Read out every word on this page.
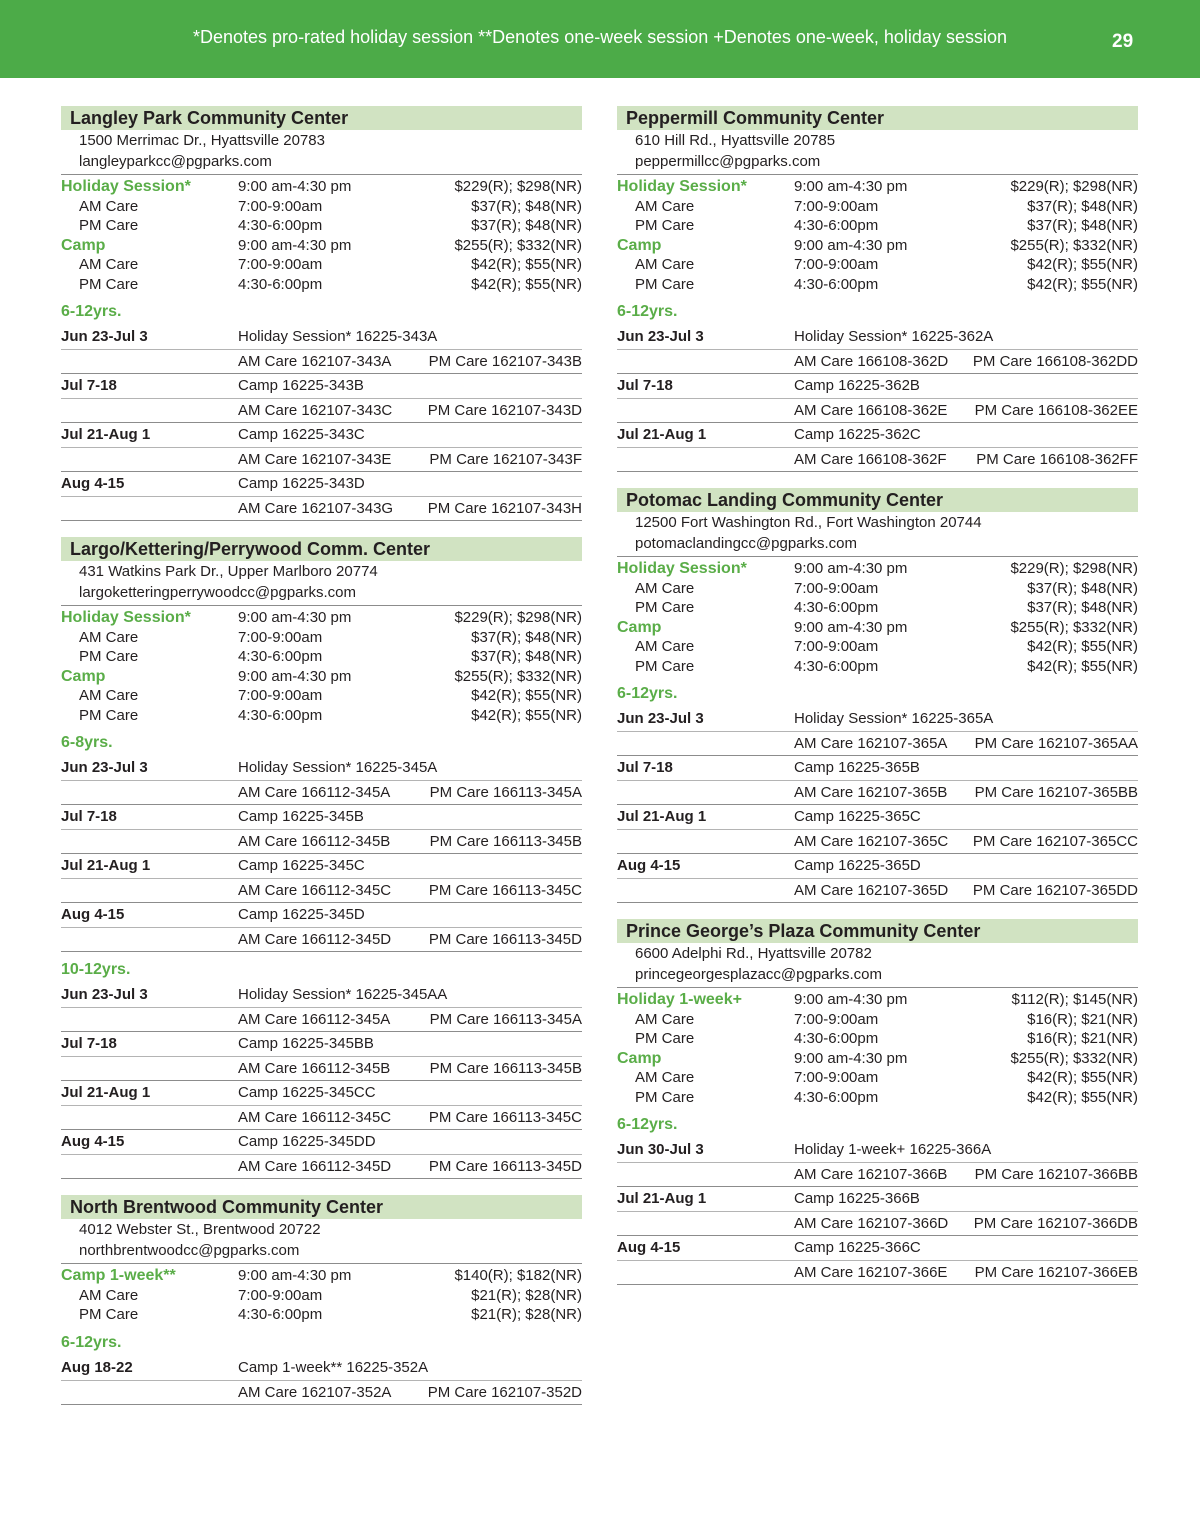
*Denotes pro-rated holiday session **Denotes one-week session +Denotes one-week, holiday session	29
Langley Park Community Center
1500 Merrimac Dr., Hyattsville 20783
langleyparkcc@pgparks.com
Holiday Session*	9:00 am-4:30 pm	$229(R); $298(NR)
AM Care	7:00-9:00am	$37(R); $48(NR)
PM Care	4:30-6:00pm	$37(R); $48(NR)
Camp	9:00 am-4:30 pm	$255(R); $332(NR)
AM Care	7:00-9:00am	$42(R); $55(NR)
PM Care	4:30-6:00pm	$42(R); $55(NR)
6-12yrs.
Jun 23-Jul 3	Holiday Session* 16225-343A
AM Care 162107-343A PM Care 162107-343B
Jul 7-18	Camp 16225-343B
AM Care 162107-343C PM Care 162107-343D
Jul 21-Aug 1	Camp 16225-343C
AM Care 162107-343E	PM Care 162107-343F
Aug 4-15	Camp 16225-343D
AM Care 162107-343G PM Care 162107-343H
Largo/Kettering/Perrywood Comm. Center
431 Watkins Park Dr., Upper Marlboro 20774
largoketteringperrywoodcc@pgparks.com
Holiday Session*	9:00 am-4:30 pm	$229(R); $298(NR)
AM Care	7:00-9:00am	$37(R); $48(NR)
PM Care	4:30-6:00pm	$37(R); $48(NR)
Camp	9:00 am-4:30 pm	$255(R); $332(NR)
AM Care	7:00-9:00am	$42(R); $55(NR)
PM Care	4:30-6:00pm	$42(R); $55(NR)
6-8yrs.
Jun 23-Jul 3	Holiday Session* 16225-345A
AM Care 166112-345A	PM Care 166113-345A
Jul 7-18	Camp 16225-345B
AM Care 166112-345B	PM Care 166113-345B
Jul 21-Aug 1	Camp 16225-345C
AM Care 166112-345C	PM Care 166113-345C
Aug 4-15	Camp 16225-345D
AM Care 166112-345D	PM Care 166113-345D
10-12yrs.
Jun 23-Jul 3	Holiday Session* 16225-345AA
AM Care 166112-345A	PM Care 166113-345A
Jul 7-18	Camp 16225-345BB
AM Care 166112-345B	PM Care 166113-345B
Jul 21-Aug 1	Camp 16225-345CC
AM Care 166112-345C	PM Care 166113-345C
Aug 4-15	Camp 16225-345DD
AM Care 166112-345D	PM Care 166113-345D
North Brentwood Community Center
4012 Webster St., Brentwood 20722
northbrentwoodcc@pgparks.com
Camp 1-week**	9:00 am-4:30 pm	$140(R); $182(NR)
AM Care	7:00-9:00am	$21(R); $28(NR)
PM Care	4:30-6:00pm	$21(R); $28(NR)
6-12yrs.
Aug 18-22	Camp 1-week** 16225-352A
AM Care 162107-352A PM Care 162107-352D
Peppermill Community Center
610 Hill Rd., Hyattsville 20785
peppermillcc@pgparks.com
Holiday Session*	9:00 am-4:30 pm	$229(R); $298(NR)
AM Care	7:00-9:00am	$37(R); $48(NR)
PM Care	4:30-6:00pm	$37(R); $48(NR)
Camp	9:00 am-4:30 pm	$255(R); $332(NR)
AM Care	7:00-9:00am	$42(R); $55(NR)
PM Care	4:30-6:00pm	$42(R); $55(NR)
6-12yrs.
Jun 23-Jul 3	Holiday Session* 16225-362A
AM Care 166108-362D PM Care 166108-362DD
Jul 7-18	Camp 16225-362B
AM Care 166108-362E PM Care 166108-362EE
Jul 21-Aug 1	Camp 16225-362C
AM Care 166108-362F PM Care 166108-362FF
Potomac Landing Community Center
12500 Fort Washington Rd., Fort Washington 20744
potomaclandingcc@pgparks.com
Holiday Session*	9:00 am-4:30 pm	$229(R); $298(NR)
AM Care	7:00-9:00am	$37(R); $48(NR)
PM Care	4:30-6:00pm	$37(R); $48(NR)
Camp	9:00 am-4:30 pm	$255(R); $332(NR)
AM Care	7:00-9:00am	$42(R); $55(NR)
PM Care	4:30-6:00pm	$42(R); $55(NR)
6-12yrs.
Jun 23-Jul 3	Holiday Session* 16225-365A
AM Care 162107-365A PM Care 162107-365AA
Jul 7-18	Camp 16225-365B
AM Care 162107-365B PM Care 162107-365BB
Jul 21-Aug 1	Camp 16225-365C
AM Care 162107-365C PM Care 162107-365CC
Aug 4-15	Camp 16225-365D
AM Care 162107-365D PM Care 162107-365DD
Prince George’s Plaza Community Center
6600 Adelphi Rd., Hyattsville 20782
princegeorgesplazacc@pgparks.com
Holiday 1-week+	9:00 am-4:30 pm	$112(R); $145(NR)
AM Care	7:00-9:00am	$16(R); $21(NR)
PM Care	4:30-6:00pm	$16(R); $21(NR)
Camp	9:00 am-4:30 pm	$255(R); $332(NR)
AM Care	7:00-9:00am	$42(R); $55(NR)
PM Care	4:30-6:00pm	$42(R); $55(NR)
6-12yrs.
Jun 30-Jul 3	Holiday 1-week+ 16225-366A
AM Care 162107-366B PM Care 162107-366BB
Jul 21-Aug 1	Camp 16225-366B
AM Care 162107-366D PM Care 162107-366DB
Aug 4-15	Camp 16225-366C
AM Care 162107-366E PM Care 162107-366EB
